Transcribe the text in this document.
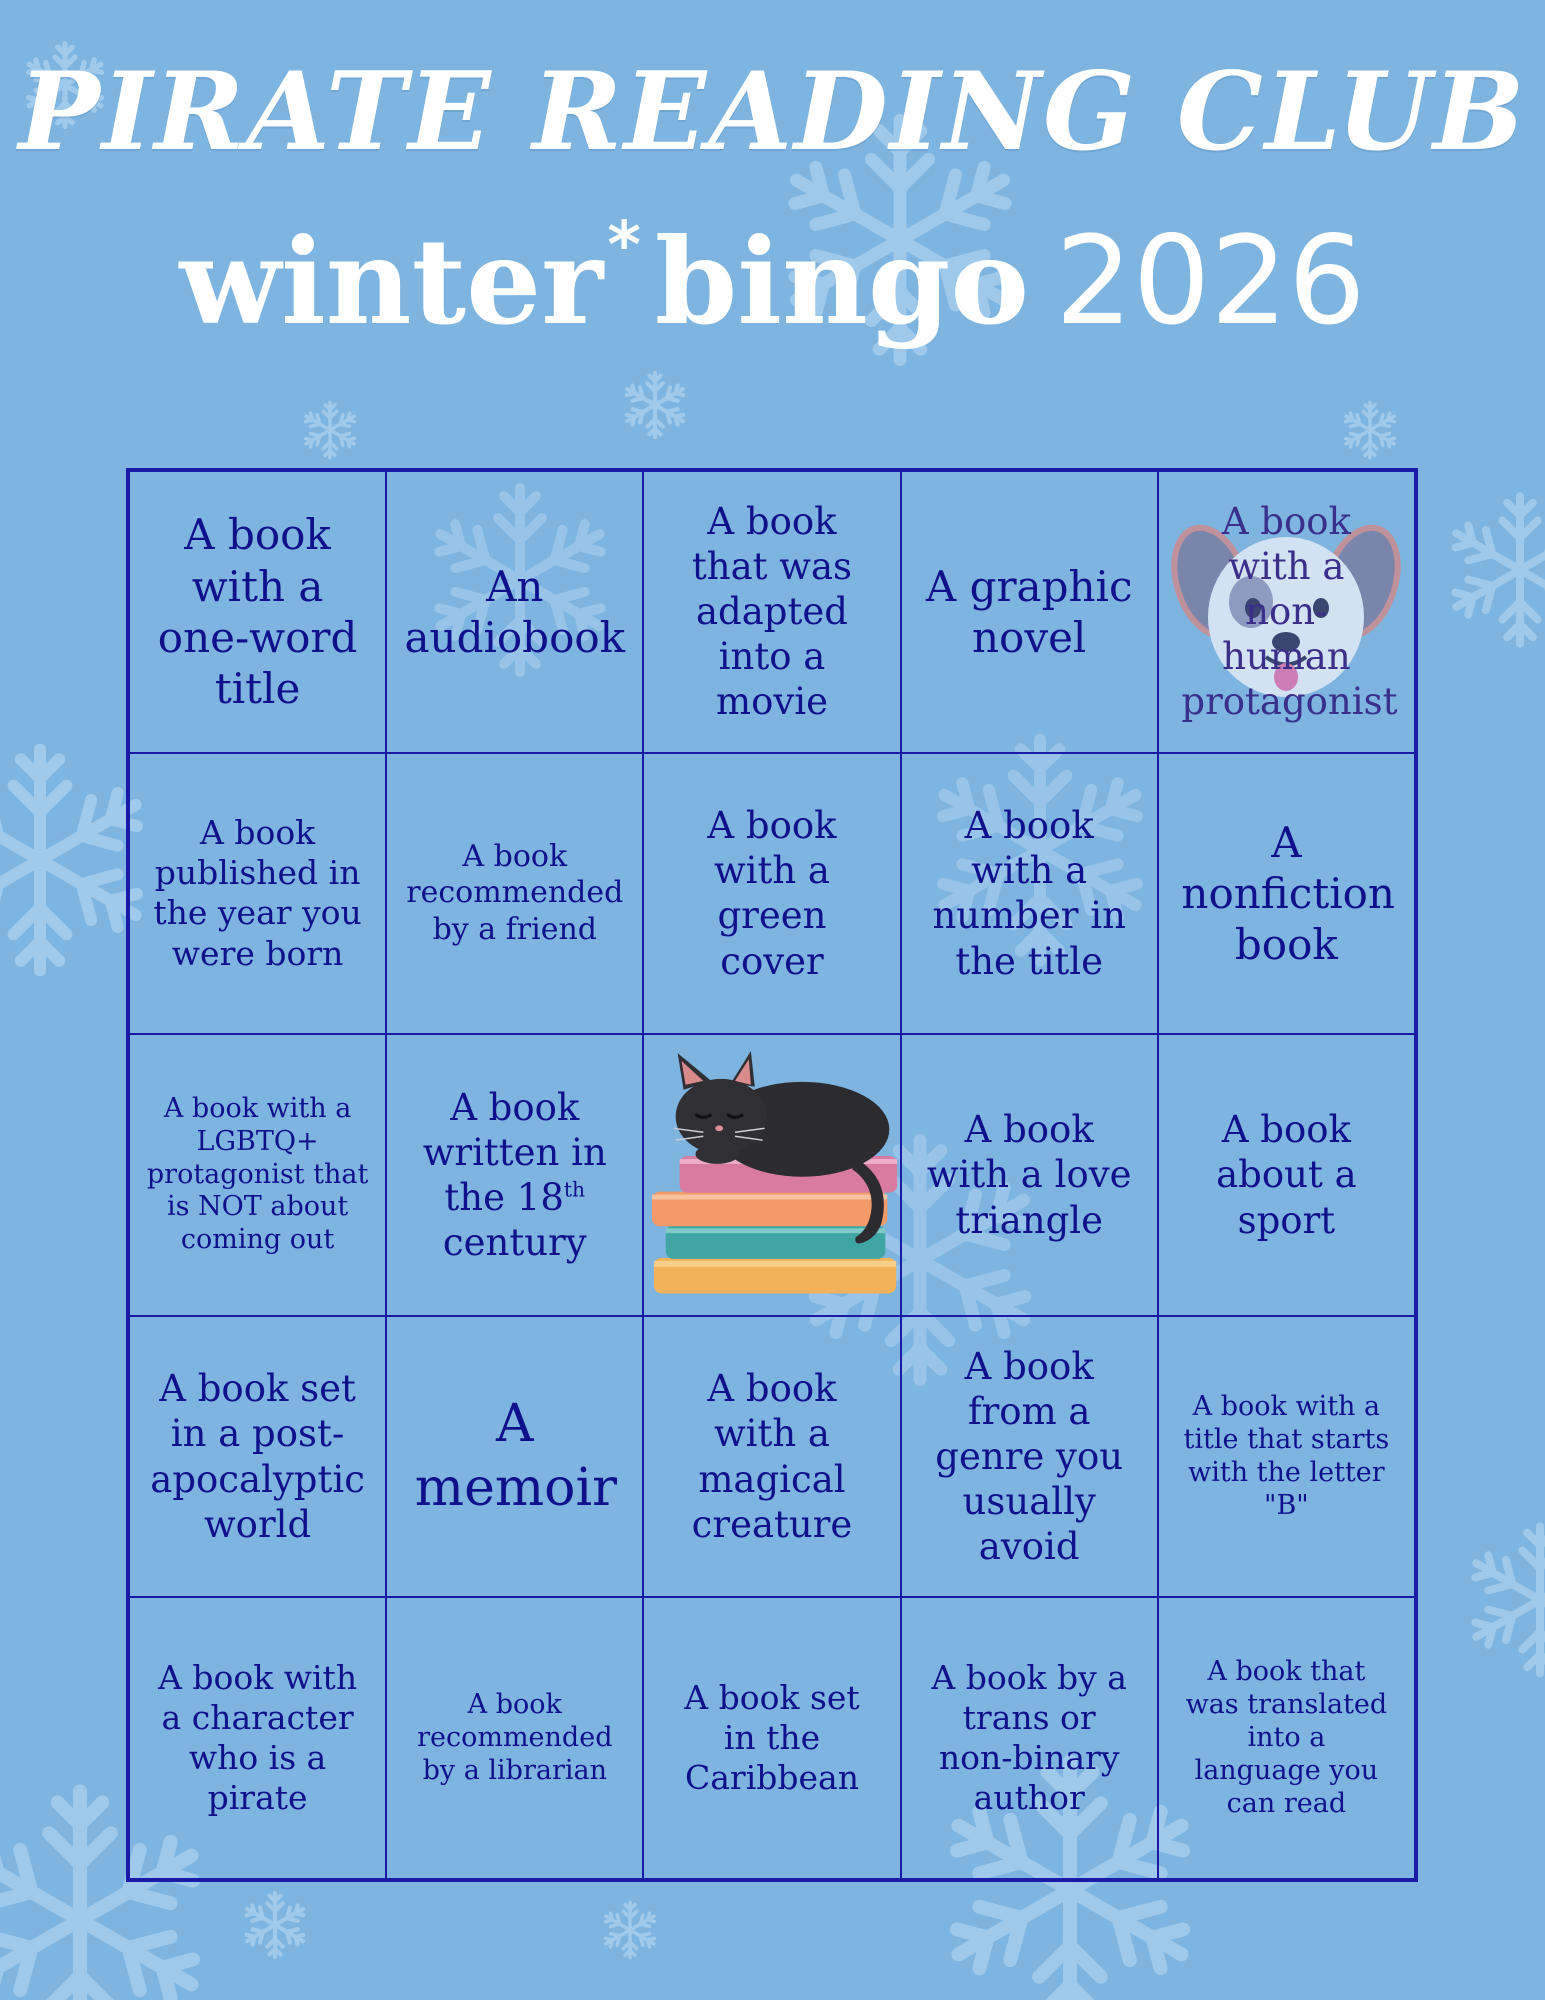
PIRATE READING CLUB
winter* bingo 2026
A book with a one-word title
An audiobook
A book that was adapted into a movie
A graphic novel
A book with a non-human protagonist
A book published in the year you were born
A book recommended by a friend
A book with a green cover
A book with a number in the title
A nonfiction book
A book with a LGBTQ+ protagonist that is NOT about coming out
A book written in the 18th century
A book with a love triangle
A book about a sport
A book set in a post-apocalyptic world
A memoir
A book with a magical creature
A book from a genre you usually avoid
A book with a title that starts with the letter "B"
A book with a character who is a pirate
A book recommended by a librarian
A book set in the Caribbean
A book by a trans or non-binary author
A book that was translated into a language you can read
